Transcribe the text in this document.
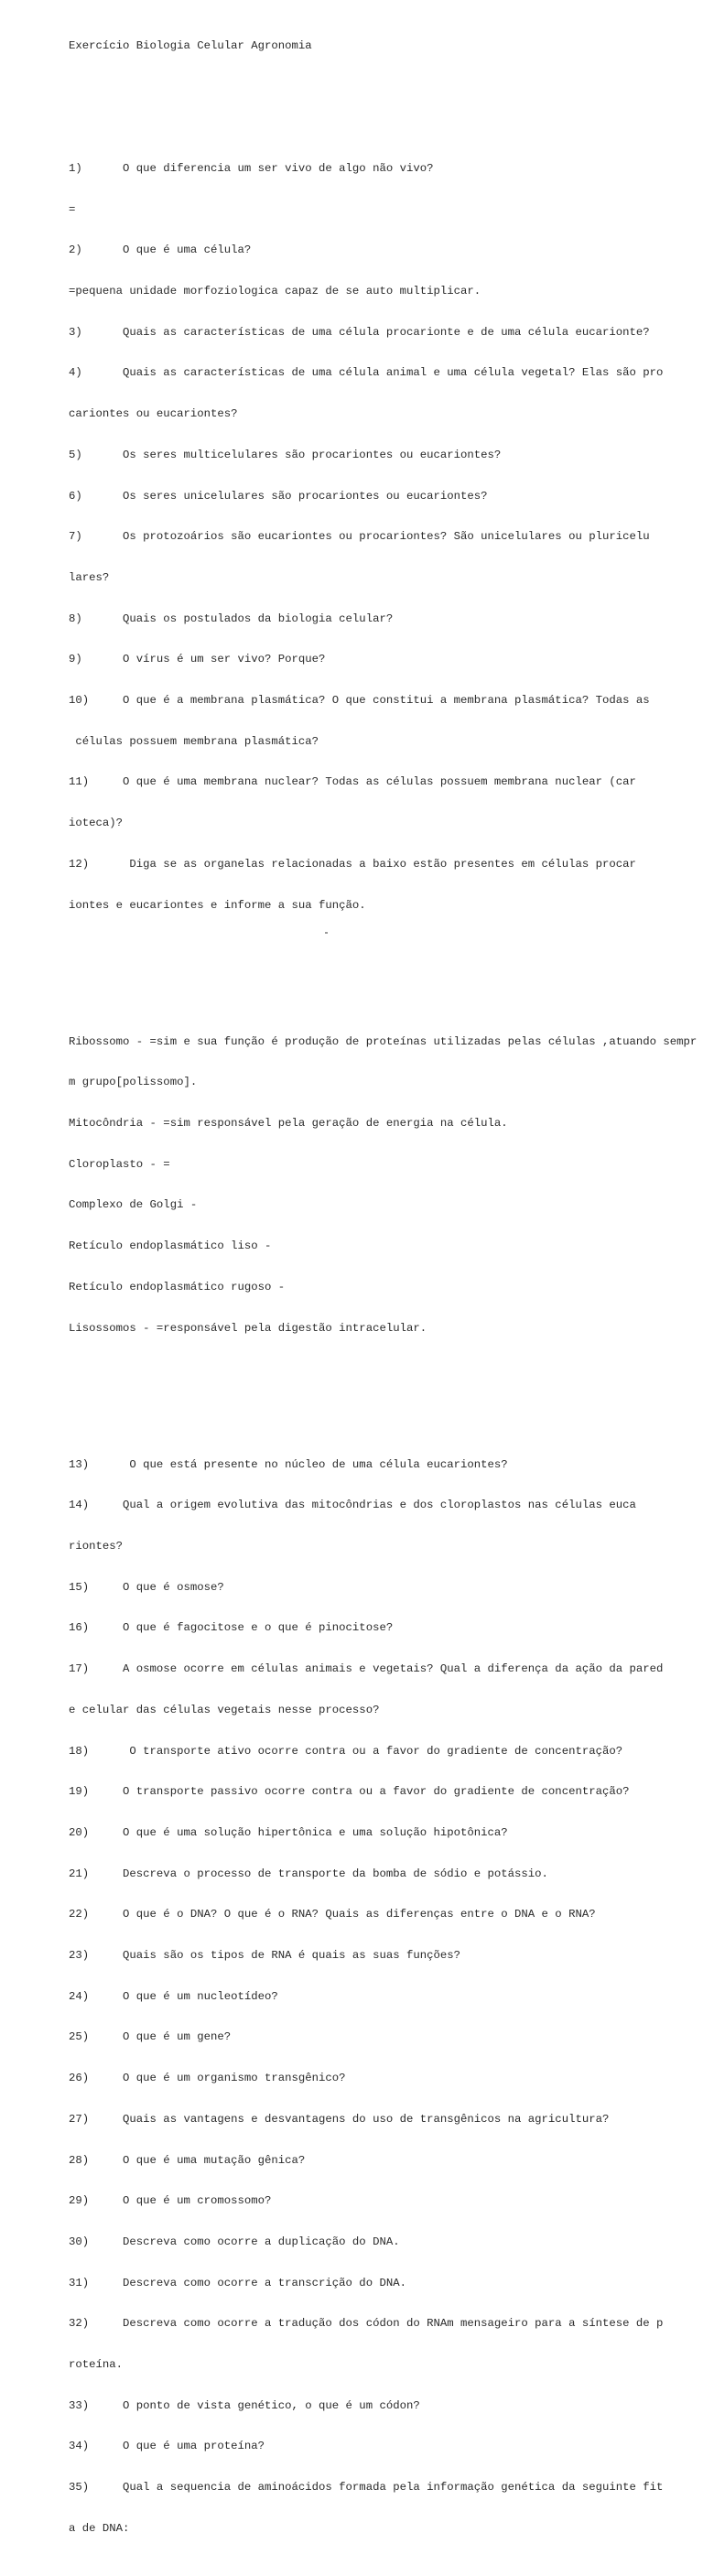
Exercício Biologia Celular Agronomia

1)      O que diferencia um ser vivo de algo não vivo?

=

2)      O que é uma célula?

=pequena unidade morfoziologica capaz de se auto multiplicar.

3)      Quais as características de uma célula procarionte e de uma célula eucarionte?

4)      Quais as características de uma célula animal e uma célula vegetal? Elas são pro

cariontes ou eucariontes?

5)      Os seres multicelulares são procariontes ou eucariontes?

6)      Os seres unicelulares são procariontes ou eucariontes?

7)      Os protozoários são eucariontes ou procariontes? São unicelulares ou pluricelu

lares?

8)      Quais os postulados da biologia celular?

9)      O vírus é um ser vivo? Porque?

10)     O que é a membrana plasmática? O que constitui a membrana plasmática? Todas as

células possuem membrana plasmática?

11)     O que é uma membrana nuclear? Todas as células possuem membrana nuclear (car

ioteca)?

12)      Diga se as organelas relacionadas a baixo estão presentes em células procar

iontes e eucariontes e informe a sua função.

Ribossomo - =sim e sua função é produção de proteínas utilizadas pelas células ,atuando sempr

m grupo[polissomo].

Mitocôndria - =sim responsável pela geração de energia na célula.

Cloroplasto - =

Complexo de Golgi -

Retículo endoplasmático liso -

Retículo endoplasmático rugoso -

Lisossomos - =responsável pela digestão intracelular.

13)      O que está presente no núcleo de uma célula eucariontes?

14)     Qual a origem evolutiva das mitocôndrias e dos cloroplastos nas células euca

riontes?

15)     O que é osmose?

16)     O que é fagocitose e o que é pinocitose?

17)     A osmose ocorre em células animais e vegetais? Qual a diferença da ação da pared

e celular das células vegetais nesse processo?

18)      O transporte ativo ocorre contra ou a favor do gradiente de concentração?

19)     O transporte passivo ocorre contra ou a favor do gradiente de concentração?

20)     O que é uma solução hipertônica e uma solução hipotônica?

21)     Descreva o processo de transporte da bomba de sódio e potássio.

22)     O que é o DNA? O que é o RNA? Quais as diferenças entre o DNA e o RNA?

23)     Quais são os tipos de RNA é quais as suas funções?

24)     O que é um nucleotídeo?

25)     O que é um gene?

26)     O que é um organismo transgênico?

27)     Quais as vantagens e desvantagens do uso de transgênicos na agricultura?

28)     O que é uma mutação gênica?

29)     O que é um cromossomo?

30)     Descreva como ocorre a duplicação do DNA.

31)     Descreva como ocorre a transcrição do DNA.

32)     Descreva como ocorre a tradução dos códon do RNAm mensageiro para a síntese de p

roteína.

33)     O ponto de vista genético, o que é um códon?

34)     O que é uma proteína?

35)     Qual a sequencia de aminoácidos formada pela informação genética da seguinte fit

a de DNA:
